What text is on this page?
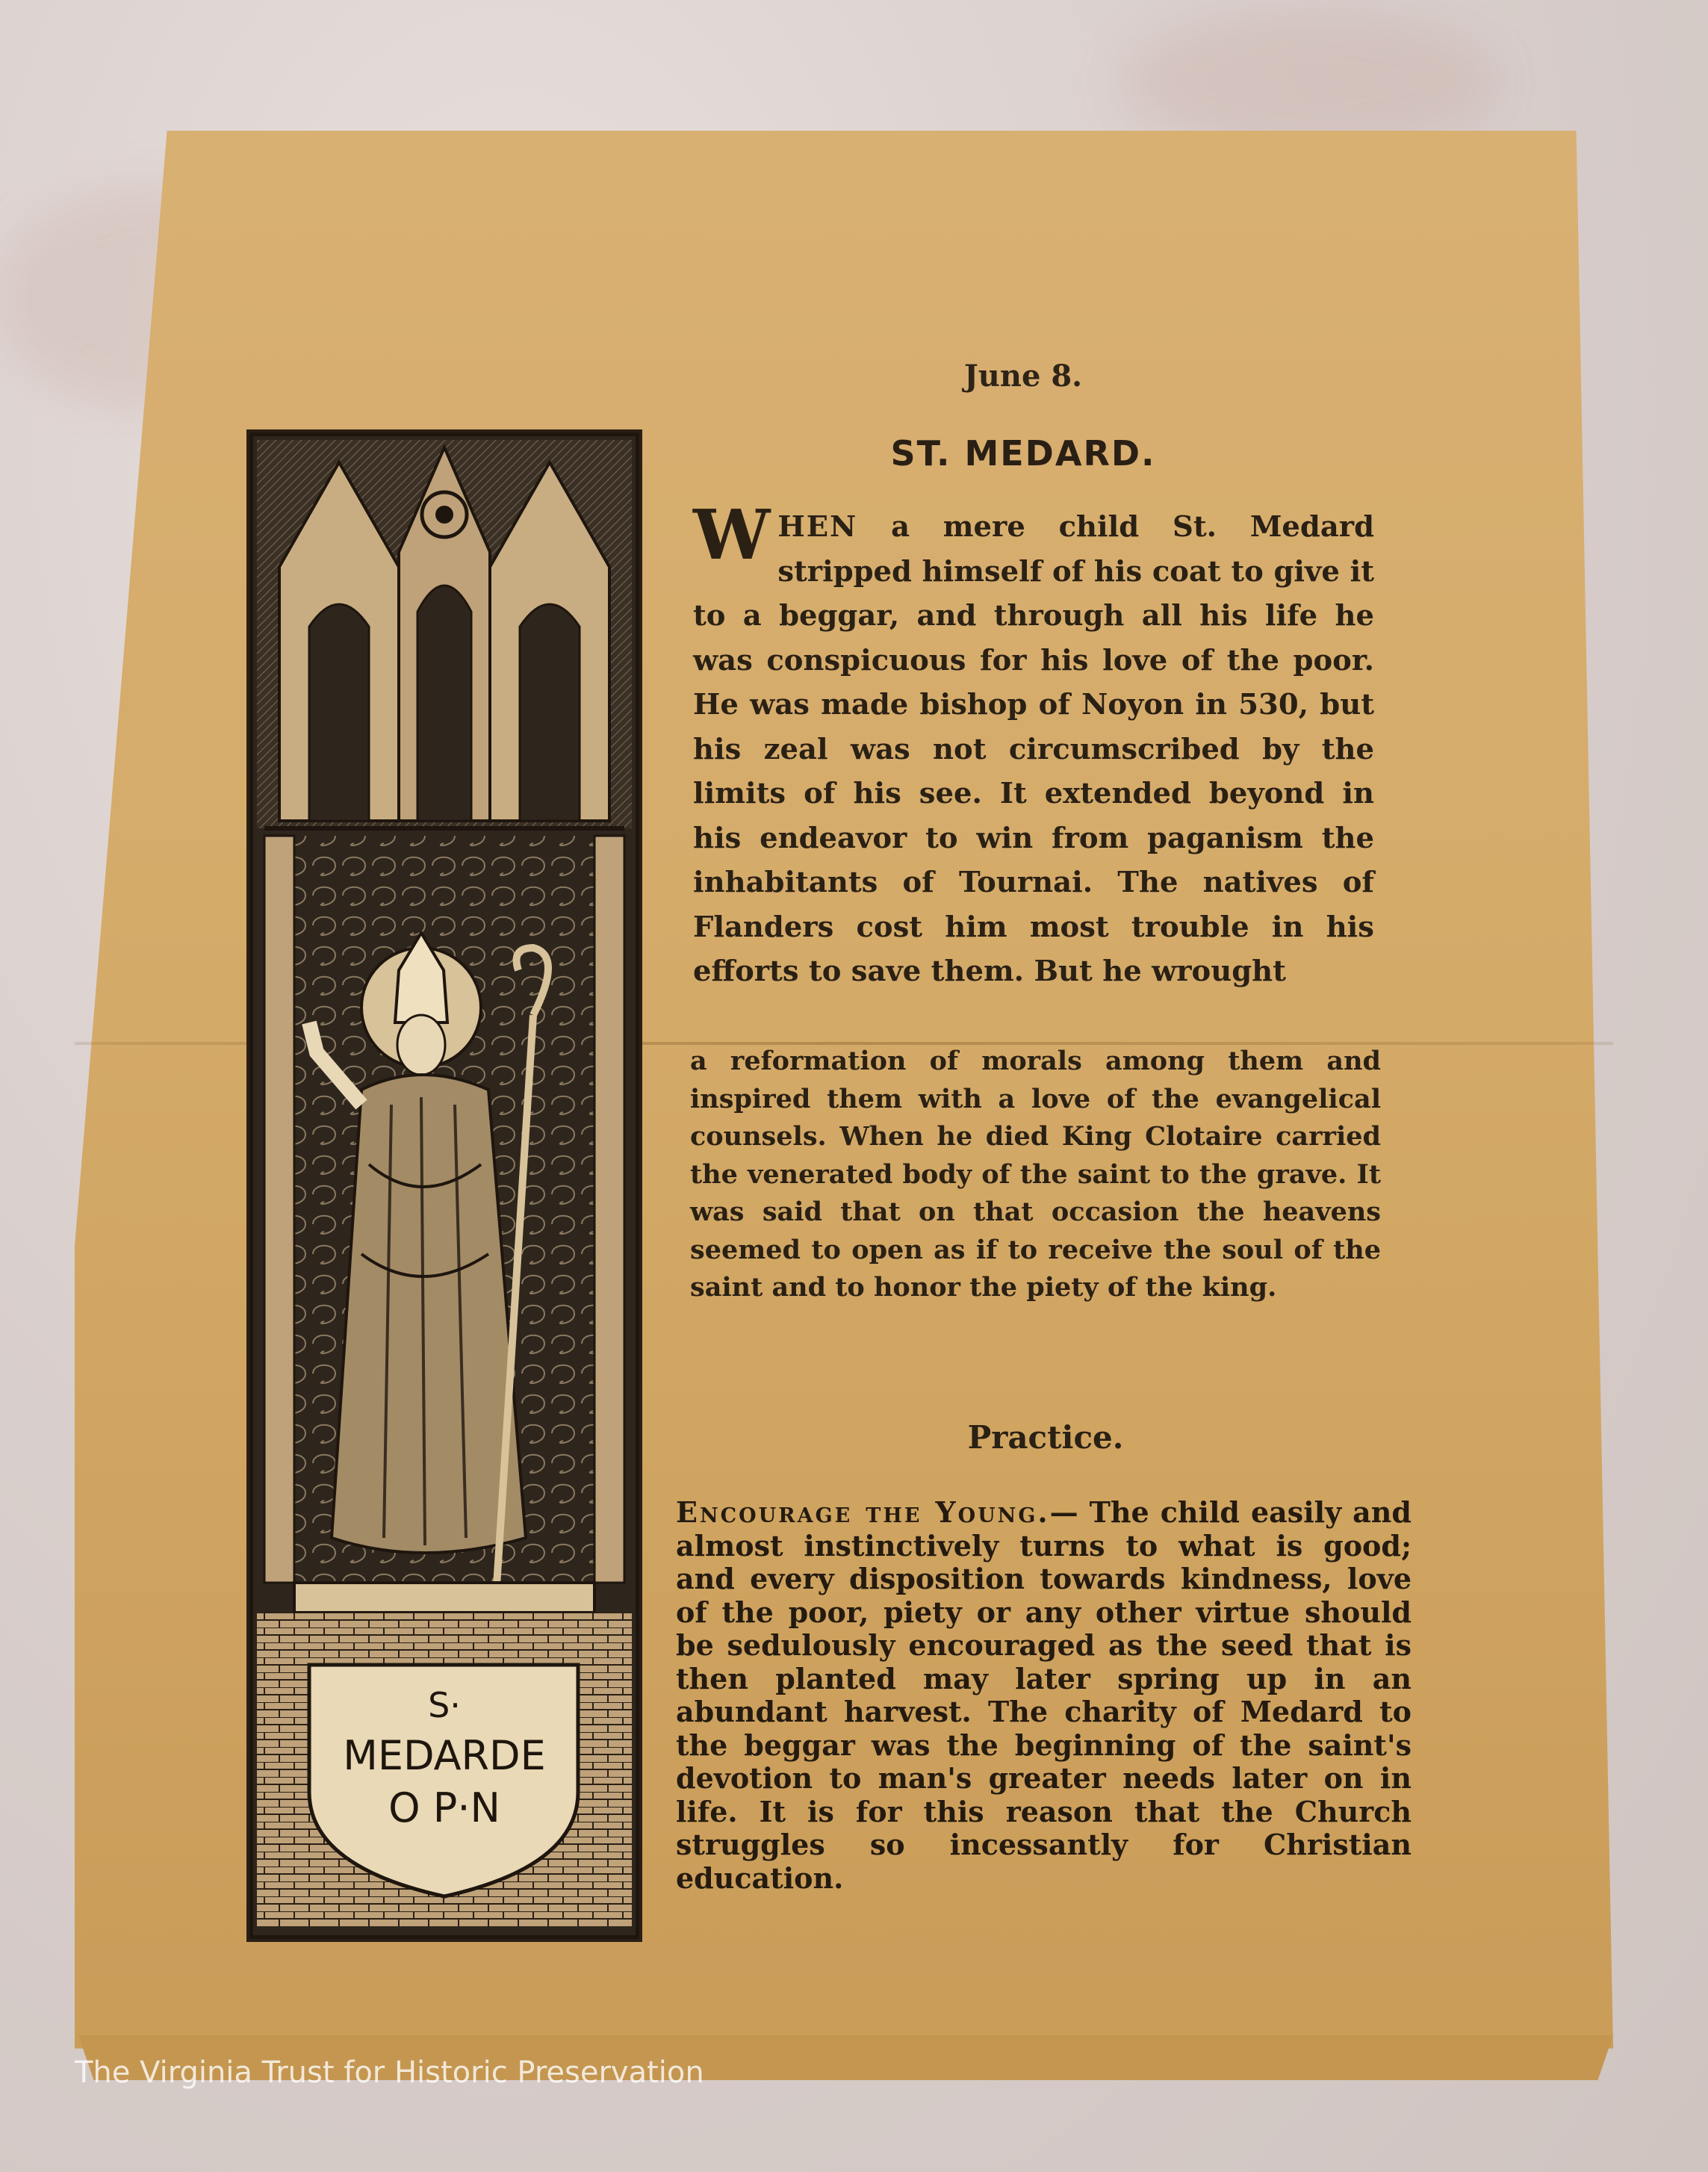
S·
MEDARDE
O P·N
June 8.
ST. MEDARD.
WHEN a mere child St. Medard stripped himself of his coat to give it to a beggar, and through all his life he was conspicuous for his love of the poor. He was made bishop of Noyon in 530, but his zeal was not circumscribed by the limits of his see. It extended beyond in his endeavor to win from paganism the inhabitants of Tournai. The natives of Flanders cost him most trouble in his efforts to save them. But he wrought
a reformation of morals among them and inspired them with a love of the evangelical counsels. When he died King Clotaire carried the venerated body of the saint to the grave. It was said that on that occasion the heavens seemed to open as if to receive the soul of the saint and to honor the piety of the king.
Practice.
Encourage the Young.— The child easily and almost instinctively turns to what is good; and every disposition towards kindness, love of the poor, piety or any other virtue should be sedulously encouraged as the seed that is then planted may later spring up in an abundant harvest. The charity of Medard to the beggar was the beginning of the saint's devotion to man's greater needs later on in life. It is for this reason that the Church struggles so incessantly for Christian education.
The Virginia Trust for Historic Preservation
